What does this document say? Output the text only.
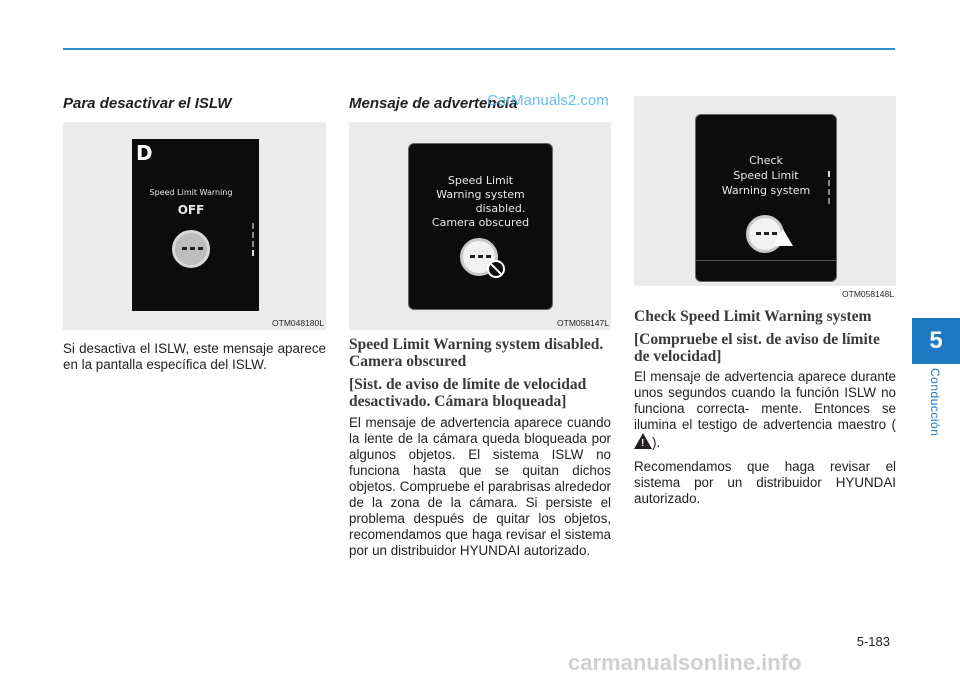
5
Conducción
Para desactivar el ISLW
D
Speed Limit Warning
OFF
OTM048180L

Si desactiva el ISLW, este mensaje aparece en la pantalla específica del ISLW.

Mensaje de advertencia
Speed Limit
Warning system
disabled.
Camera obscured
OTM058147L
Speed Limit Warning system disabled. Camera obscured
[Sist. de aviso de límite de velocidad desactivado. Cámara bloqueada]

El mensaje de advertencia aparece cuando la lente de la cámara queda bloqueada por algunos objetos. El sistema ISLW no funciona hasta que se quitan dichos objetos. Compruebe el parabrisas alrededor de la zona de la cámara. Si persiste el problema después de quitar los objetos, recomendamos que haga revisar el sistema por un distribuidor HYUNDAI autorizado.

Check
Speed Limit
Warning system
OTM058148L
Check Speed Limit Warning system
[Compruebe el sist. de aviso de límite de velocidad]

El mensaje de advertencia aparece durante unos segundos cuando la función ISLW no funciona correcta- mente. Entonces se ilumina el testigo de advertencia maestro (!).

Recomendamos que haga revisar el sistema por un distribuidor HYUNDAI autorizado.

CarManuals2.com
5-183
carmanualsonline.info
